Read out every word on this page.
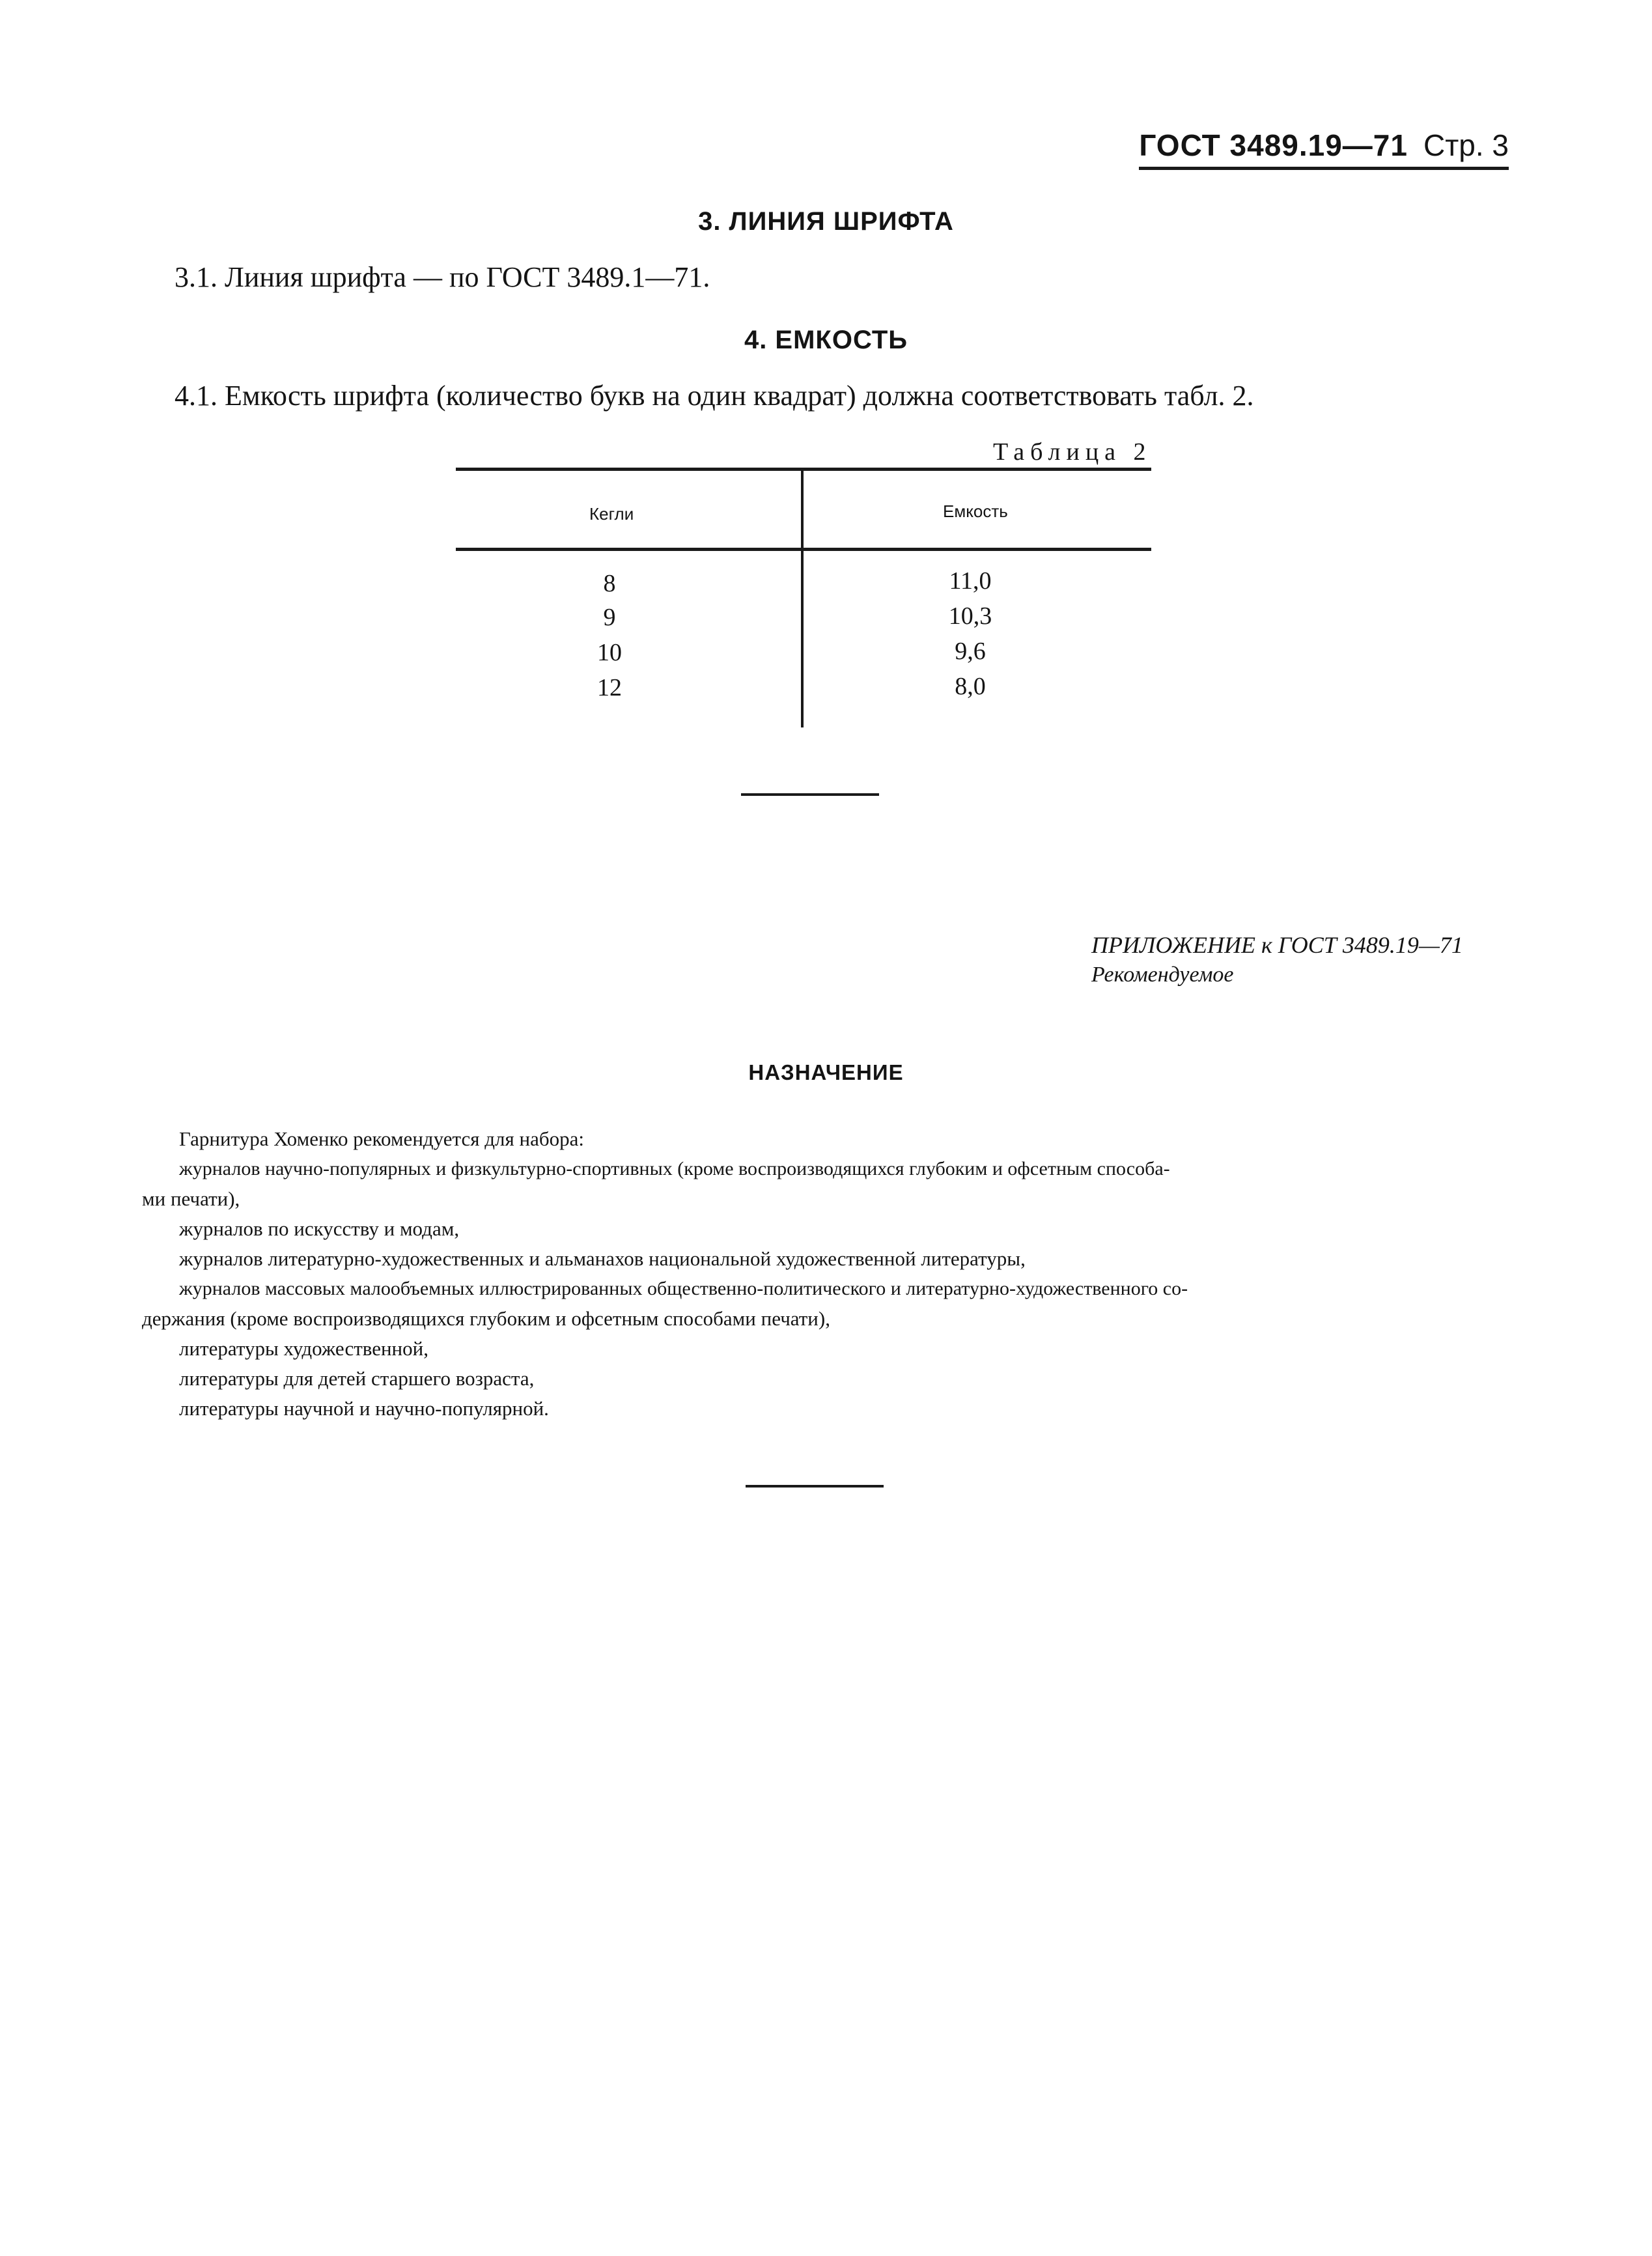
ГОСТ 3489.19—71 Стр. 3
3. ЛИНИЯ ШРИФТА
3.1. Линия шрифта — по ГОСТ 3489.1—71.
4. ЕМКОСТЬ
4.1. Емкость шрифта (количество букв на один квадрат) должна соответствовать табл. 2.
Таблица 2
Кегли	Емкость
8	11,0
9	10,3
10	9,6
12	8,0
ПРИЛОЖЕНИЕ к ГОСТ 3489.19—71
Рекомендуемое
НАЗНАЧЕНИЕ
Гарнитура Хоменко рекомендуется для набора:
журналов научно-популярных и физкультурно-спортивных (кроме воспроизводящихся глубоким и офсетным способа-
ми печати),
журналов по искусству и модам,
журналов литературно-художественных и альманахов национальной художественной литературы,
журналов массовых малообъемных иллюстрированных общественно-политического и литературно-художественного со-
держания (кроме воспроизводящихся глубоким и офсетным способами печати),
литературы художественной,
литературы для детей старшего возраста,
литературы научной и научно-популярной.
